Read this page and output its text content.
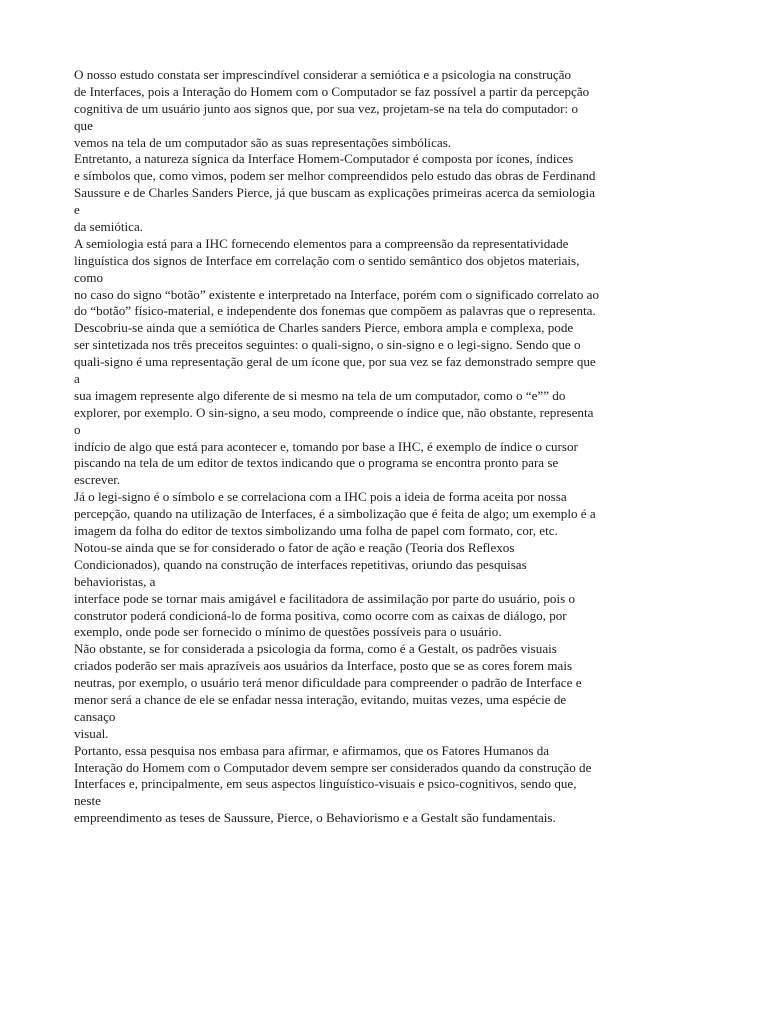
O nosso estudo constata ser imprescindível considerar a semiótica e a psicologia na construção
de Interfaces, pois a Interação do Homem com o Computador se faz possível a partir da percepção
cognitiva de um usuário junto aos signos que, por sua vez, projetam-se na tela do computador: o
que
vemos na tela de um computador são as suas representações simbólicas.
Entretanto, a natureza sígnica da Interface Homem-Computador é composta por ícones, índices
e símbolos que, como vimos, podem ser melhor compreendidos pelo estudo das obras de Ferdinand
Saussure e de Charles Sanders Pierce, já que buscam as explicações primeiras acerca da semiologia
e
da semiótica.
A semiologia está para a IHC fornecendo elementos para a compreensão da representatividade
linguística dos signos de Interface em correlação com o sentido semântico dos objetos materiais,
como
no caso do signo “botão” existente e interpretado na Interface, porém com o significado correlato ao
do “botão” físico-material, e independente dos fonemas que compõem as palavras que o representa.
Descobriu-se ainda que a semiótica de Charles sanders Pierce, embora ampla e complexa, pode
ser sintetizada nos três preceitos seguintes: o quali-signo, o sin-signo e o legi-signo. Sendo que o
quali-signo é uma representação geral de um ícone que, por sua vez se faz demonstrado sempre que
a
sua imagem represente algo diferente de si mesmo na tela de um computador, como o “e”” do
explorer, por exemplo. O sin-signo, a seu modo, compreende o índice que, não obstante, representa
o
indício de algo que está para acontecer e, tomando por base a IHC, é exemplo de índice o cursor
piscando na tela de um editor de textos indicando que o programa se encontra pronto para se
escrever.
Já o legi-signo é o símbolo e se correlaciona com a IHC pois a ideia de forma aceita por nossa
percepção, quando na utilização de Interfaces, é a simbolização que é feita de algo; um exemplo é a
imagem da folha do editor de textos simbolizando uma folha de papel com formato, cor, etc.
Notou-se ainda que se for considerado o fator de ação e reação (Teoria dos Reflexos
Condicionados), quando na construção de interfaces repetitivas, oriundo das pesquisas
behavioristas, a
interface pode se tornar mais amigável e facilitadora de assimilação por parte do usuário, pois o
construtor poderá condicioná-lo de forma positiva, como ocorre com as caixas de diálogo, por
exemplo, onde pode ser fornecido o mínimo de questões possíveis para o usuário.
Não obstante, se for considerada a psicologia da forma, como é a Gestalt, os padrões visuais
criados poderão ser mais aprazíveis aos usuários da Interface, posto que se as cores forem mais
neutras, por exemplo, o usuário terá menor dificuldade para compreender o padrão de Interface e
menor será a chance de ele se enfadar nessa interação, evitando, muitas vezes, uma espécie de
cansaço
visual.
Portanto, essa pesquisa nos embasa para afirmar, e afirmamos, que os Fatores Humanos da
Interação do Homem com o Computador devem sempre ser considerados quando da construção de
Interfaces e, principalmente, em seus aspectos linguístico-visuais e psico-cognitivos, sendo que,
neste
empreendimento as teses de Saussure, Pierce, o Behaviorismo e a Gestalt são fundamentais.
